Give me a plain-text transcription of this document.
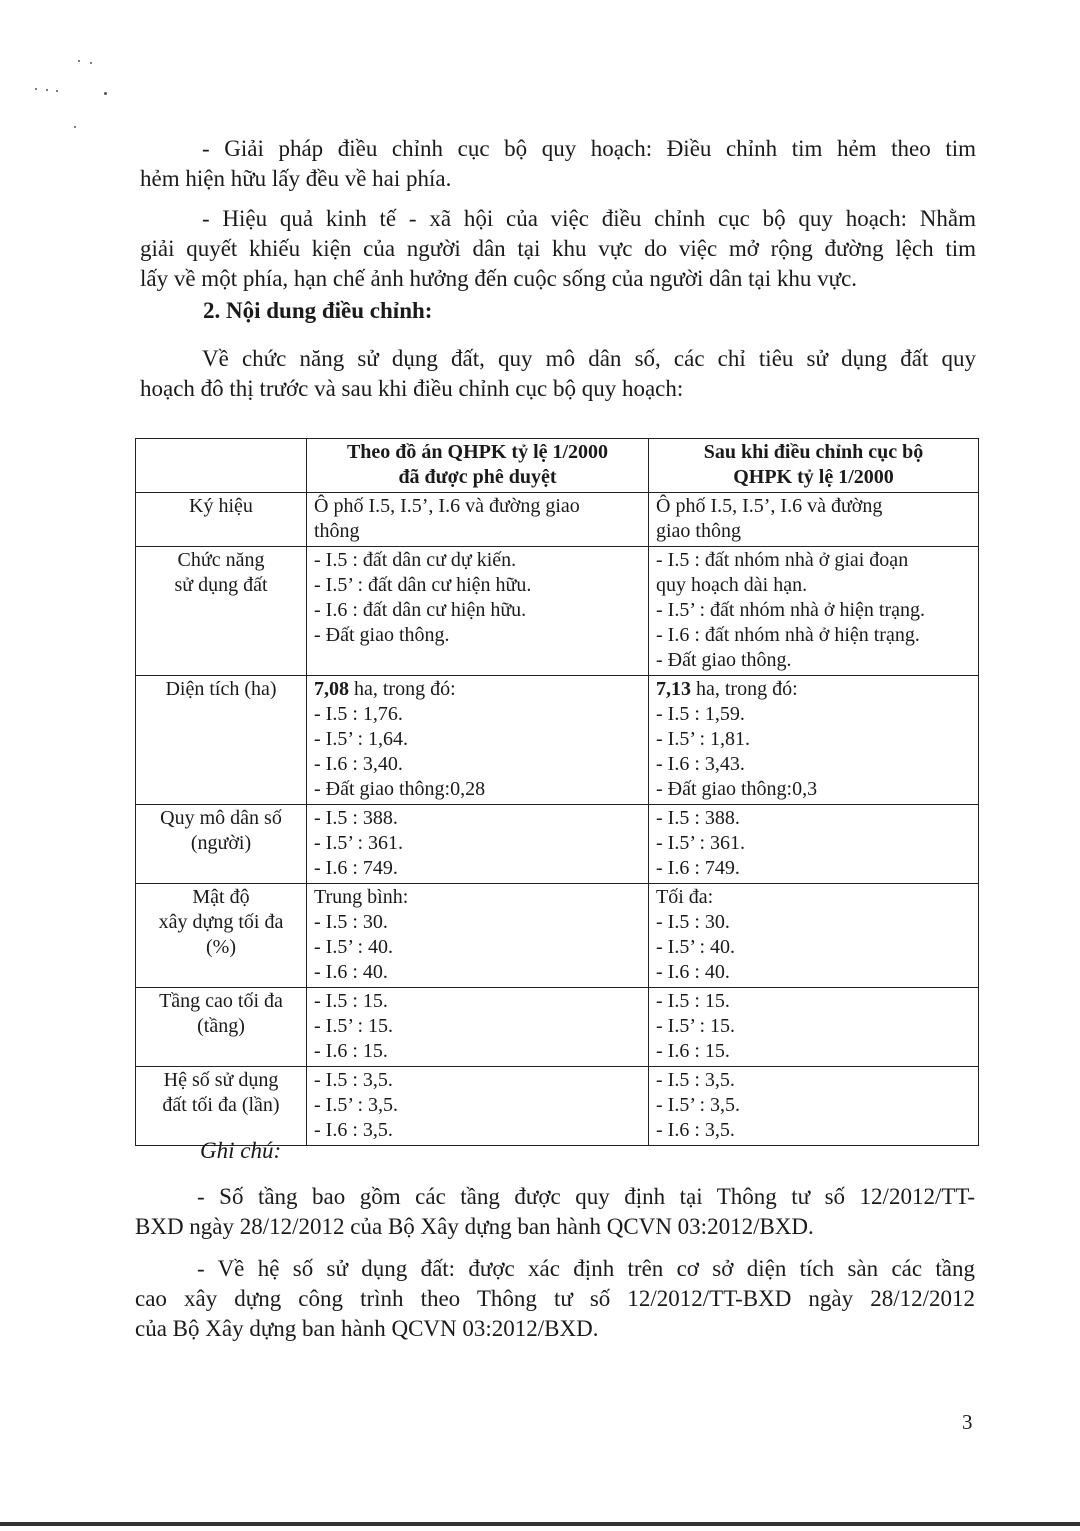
- Giải pháp điều chỉnh cục bộ quy hoạch: Điều chỉnh tim hẻm theo tim
hẻm hiện hữu lấy đều về hai phía.
- Hiệu quả kinh tế - xã hội của việc điều chỉnh cục bộ quy hoạch: Nhằm
giải quyết khiếu kiện của người dân tại khu vực do việc mở rộng đường lệch tim
lấy về một phía, hạn chế ảnh hưởng đến cuộc sống của người dân tại khu vực.

2. Nội dung điều chỉnh:

Về chức năng sử dụng đất, quy mô dân số, các chỉ tiêu sử dụng đất quy
hoạch đô thị trước và sau khi điều chỉnh cục bộ quy hoạch:

	Theo đồ án QHPK tỷ lệ 1/2000
đã được phê duyệt	Sau khi điều chỉnh cục bộ
QHPK tỷ lệ 1/2000

Ký hiệu	Ô phố I.5, I.5’, I.6 và đường giao
thông	Ô phố I.5, I.5’, I.6 và đường
giao thông

Chức năng
sử dụng đất	- I.5 : đất dân cư dự kiến.
- I.5’ : đất dân cư hiện hữu.
- I.6 : đất dân cư hiện hữu.
- Đất giao thông.	- I.5 : đất nhóm nhà ở giai đoạn
quy hoạch dài hạn.
- I.5’ : đất nhóm nhà ở hiện trạng.
- I.6 : đất nhóm nhà ở hiện trạng.
- Đất giao thông.

Diện tích (ha)	7,08 ha, trong đó:
- I.5 : 1,76.
- I.5’ : 1,64.
- I.6 : 3,40.
- Đất giao thông:0,28	7,13 ha, trong đó:
- I.5 : 1,59.
- I.5’ : 1,81.
- I.6 : 3,43.
- Đất giao thông:0,3

Quy mô dân số
(người)	- I.5 : 388.
- I.5’ : 361.
- I.6 : 749.	- I.5 : 388.
- I.5’ : 361.
- I.6 : 749.

Mật độ
xây dựng tối đa
(%)	Trung bình:
- I.5 : 30.
- I.5’ : 40.
- I.6 : 40.	Tối đa:
- I.5 : 30.
- I.5’ : 40.
- I.6 : 40.

Tầng cao tối đa
(tầng)	- I.5 : 15.
- I.5’ : 15.
- I.6 : 15.	- I.5 : 15.
- I.5’ : 15.
- I.6 : 15.

Hệ số sử dụng
đất tối đa (lần)	- I.5 : 3,5.
- I.5’ : 3,5.
- I.6 : 3,5.	- I.5 : 3,5.
- I.5’ : 3,5.
- I.6 : 3,5.

Ghi chú:

- Số tầng bao gồm các tầng được quy định tại Thông tư số 12/2012/TT-
BXD ngày 28/12/2012 của Bộ Xây dựng ban hành QCVN 03:2012/BXD.
- Về hệ số sử dụng đất: được xác định trên cơ sở diện tích sàn các tầng
cao xây dựng công trình theo Thông tư số 12/2012/TT-BXD ngày 28/12/2012
của Bộ Xây dựng ban hành QCVN 03:2012/BXD.
3
